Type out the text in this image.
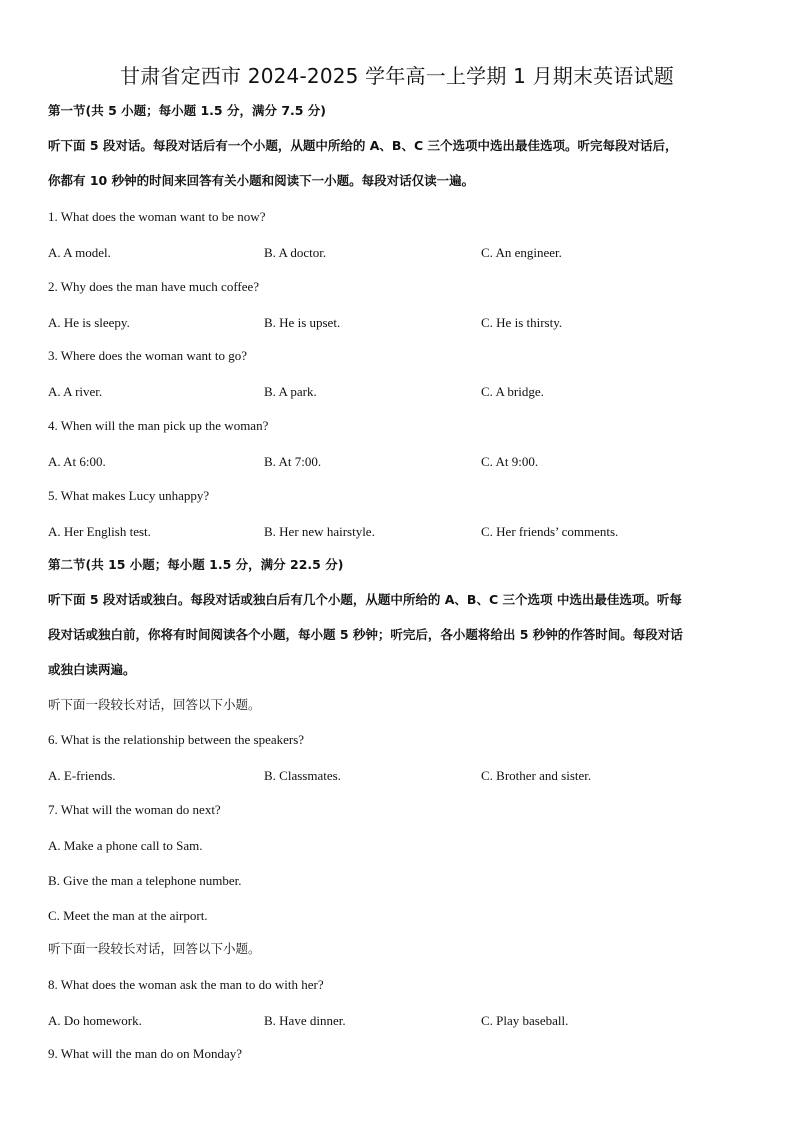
甘肃省定西市 2024-2025 学年高一上学期 1 月期末英语试题
第一节(共 5 小题；每小题 1.5 分，满分 7.5 分)
听下面 5 段对话。每段对话后有一个小题，从题中所给的 A、B、C 三个选项中选出最佳选项。听完每段对话后，
你都有 10 秒钟的时间来回答有关小题和阅读下一小题。每段对话仅读一遍。
1. What does the woman want to be now?
A. A model.	B. A doctor.	C. An engineer.
2. Why does the man have much coffee?
A. He is sleepy.	B. He is upset.	C. He is thirsty.
3. Where does the woman want to go?
A. A river.	B. A park.	C. A bridge.
4. When will the man pick up the woman?
A. At 6:00.	B. At 7:00.	C. At 9:00.
5. What makes Lucy unhappy?
A. Her English test.	B. Her new hairstyle.	C. Her friends’ comments.
第二节(共 15 小题；每小题 1.5 分，满分 22.5 分)
听下面 5 段对话或独白。每段对话或独白后有几个小题，从题中所给的 A、B、C 三个选项 中选出最佳选项。听每
段对话或独白前，你将有时间阅读各个小题，每小题 5 秒钟；听完后，各小题将给出 5 秒钟的作答时间。每段对话
或独白读两遍。
听下面一段较长对话，回答以下小题。
6. What is the relationship between the speakers?
A. E-friends.	B. Classmates.	C. Brother and sister.
7. What will the woman do next?
A. Make a phone call to Sam.
B. Give the man a telephone number.
C. Meet the man at the airport.
听下面一段较长对话，回答以下小题。
8. What does the woman ask the man to do with her?
A. Do homework.	B. Have dinner.	C. Play baseball.
9. What will the man do on Monday?
